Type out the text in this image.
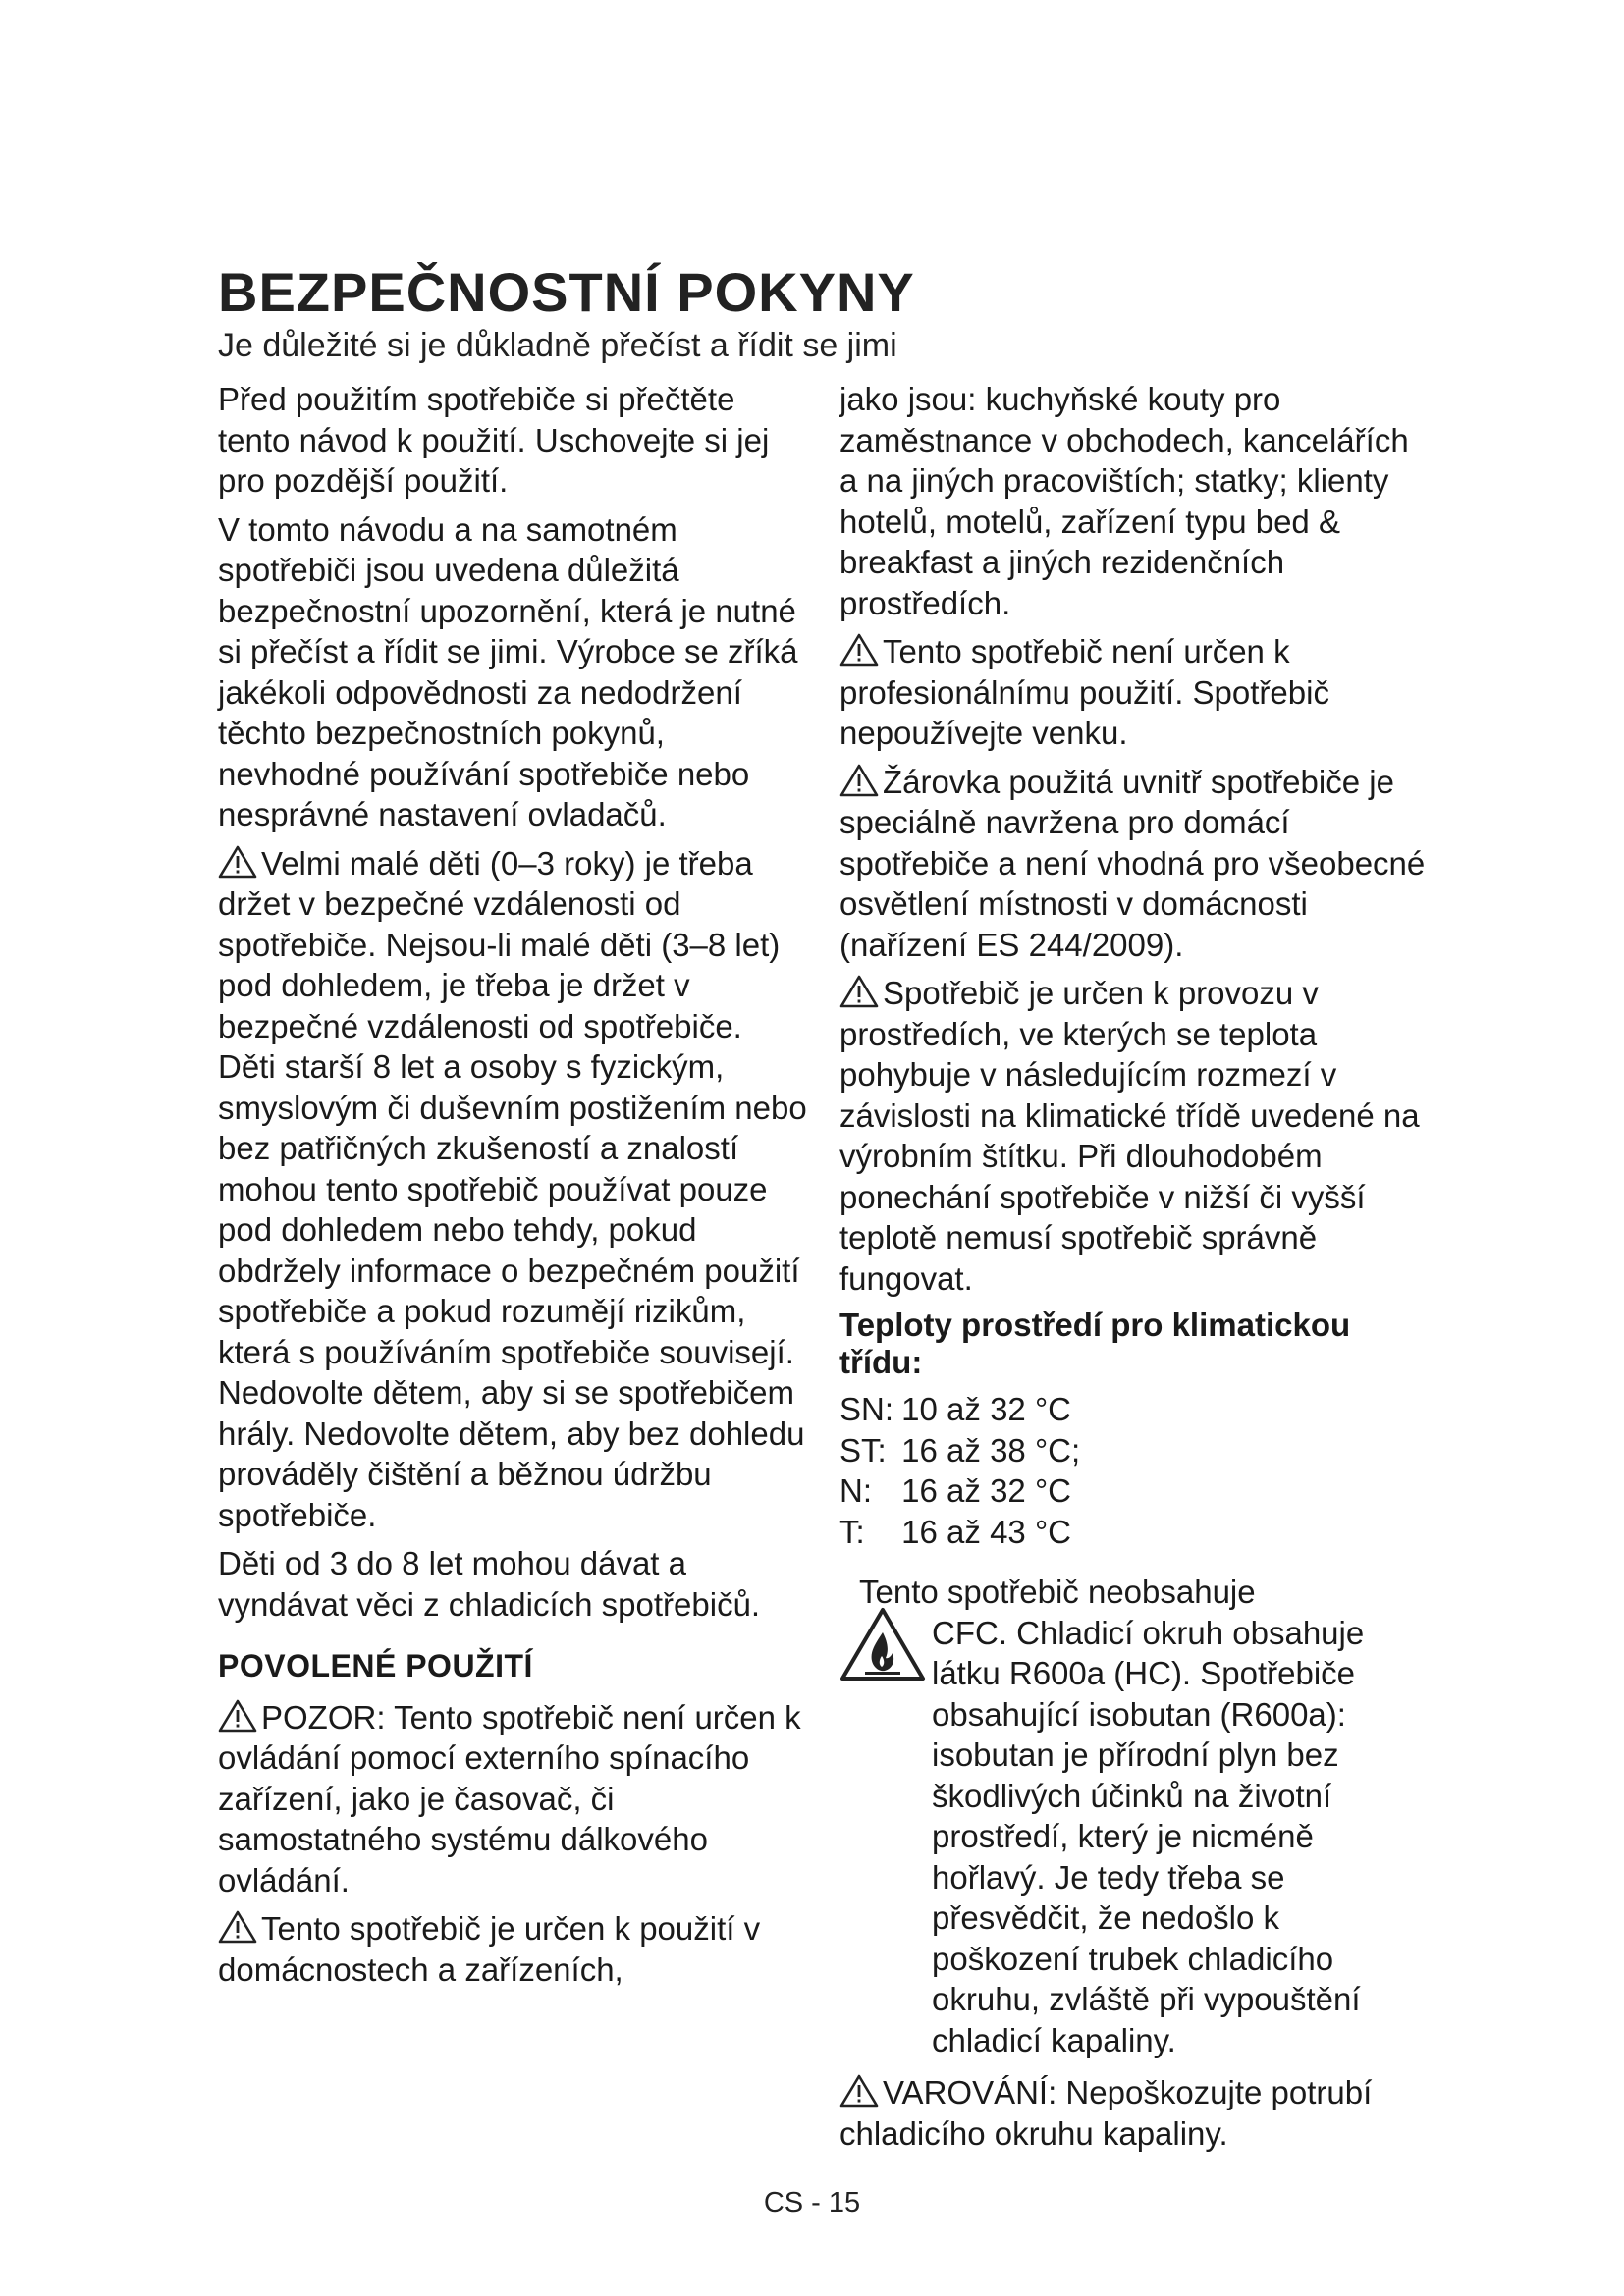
BEZPEČNOSTNÍ POKYNY
Je důležité si je důkladně přečíst a řídit se jimi

Před použitím spotřebiče si přečtěte tento návod k použití. Uschovejte si jej pro pozdější použití.

V tomto návodu a na samotném spotřebiči jsou uvedena důležitá bezpečnostní upozornění, která je nutné si přečíst a řídit se jimi. Výrobce se zříká jakékoli odpovědnosti za nedodržení těchto bezpečnostních pokynů, nevhodné používání spotřebiče nebo nesprávné nastavení ovladačů.

Velmi malé děti (0–3 roky) je třeba držet v bezpečné vzdálenosti od spotřebiče. Nejsou-li malé děti (3–8 let) pod dohledem, je třeba je držet v bezpečné vzdálenosti od spotřebiče. Děti starší 8 let a osoby s fyzickým, smyslovým či duševním postižením nebo bez patřičných zkušeností a znalostí mohou tento spotřebič používat pouze pod dohledem nebo tehdy, pokud obdržely informace o bezpečném použití spotřebiče a pokud rozumějí rizikům, která s používáním spotřebiče souvisejí. Nedovolte dětem, aby si se spotřebičem hrály. Nedovolte dětem, aby bez dohledu prováděly čištění a běžnou údržbu spotřebiče.

Děti od 3 do 8 let mohou dávat a vyndávat věci z chladicích spotřebičů.

POVOLENÉ POUŽITÍ

POZOR: Tento spotřebič není určen k ovládání pomocí externího spínacího zařízení, jako je časovač, či samostatného systému dálkového ovládání.

Tento spotřebič je určen k použití v domácnostech a zařízeních,

jako jsou: kuchyňské kouty pro zaměstnance v obchodech, kancelářích a na jiných pracovištích; statky; klienty hotelů, motelů, zařízení typu bed & breakfast a jiných rezidenčních prostředích.

Tento spotřebič není určen k profesionálnímu použití. Spotřebič nepoužívejte venku.

Žárovka použitá uvnitř spotřebiče je speciálně navržena pro domácí spotřebiče a není vhodná pro všeobecné osvětlení místnosti v domácnosti (nařízení ES 244/2009).

Spotřebič je určen k provozu v prostředích, ve kterých se teplota pohybuje v následujícím rozmezí v závislosti na klimatické třídě uvedené na výrobním štítku. Při dlouhodobém ponechání spotřebiče v nižší či vyšší teplotě nemusí spotřebič správně fungovat.

Teploty prostředí pro klimatickou třídu:

SN: 10 až 32 °C
ST: 16 až 38 °C;
N: 16 až 32 °C
T: 16 až 43 °C

Tento spotřebič neobsahuje

CFC. Chladicí okruh obsahuje látku R600a (HC). Spotřebiče obsahující isobutan (R600a): isobutan je přírodní plyn bez škodlivých účinků na životní prostředí, který je nicméně hořlavý. Je tedy třeba se přesvědčit, že nedošlo k poškození trubek chladicího okruhu, zvláště při vypouštění chladicí kapaliny.

VAROVÁNÍ: Nepoškozujte potrubí chladicího okruhu kapaliny.

CS - 15
